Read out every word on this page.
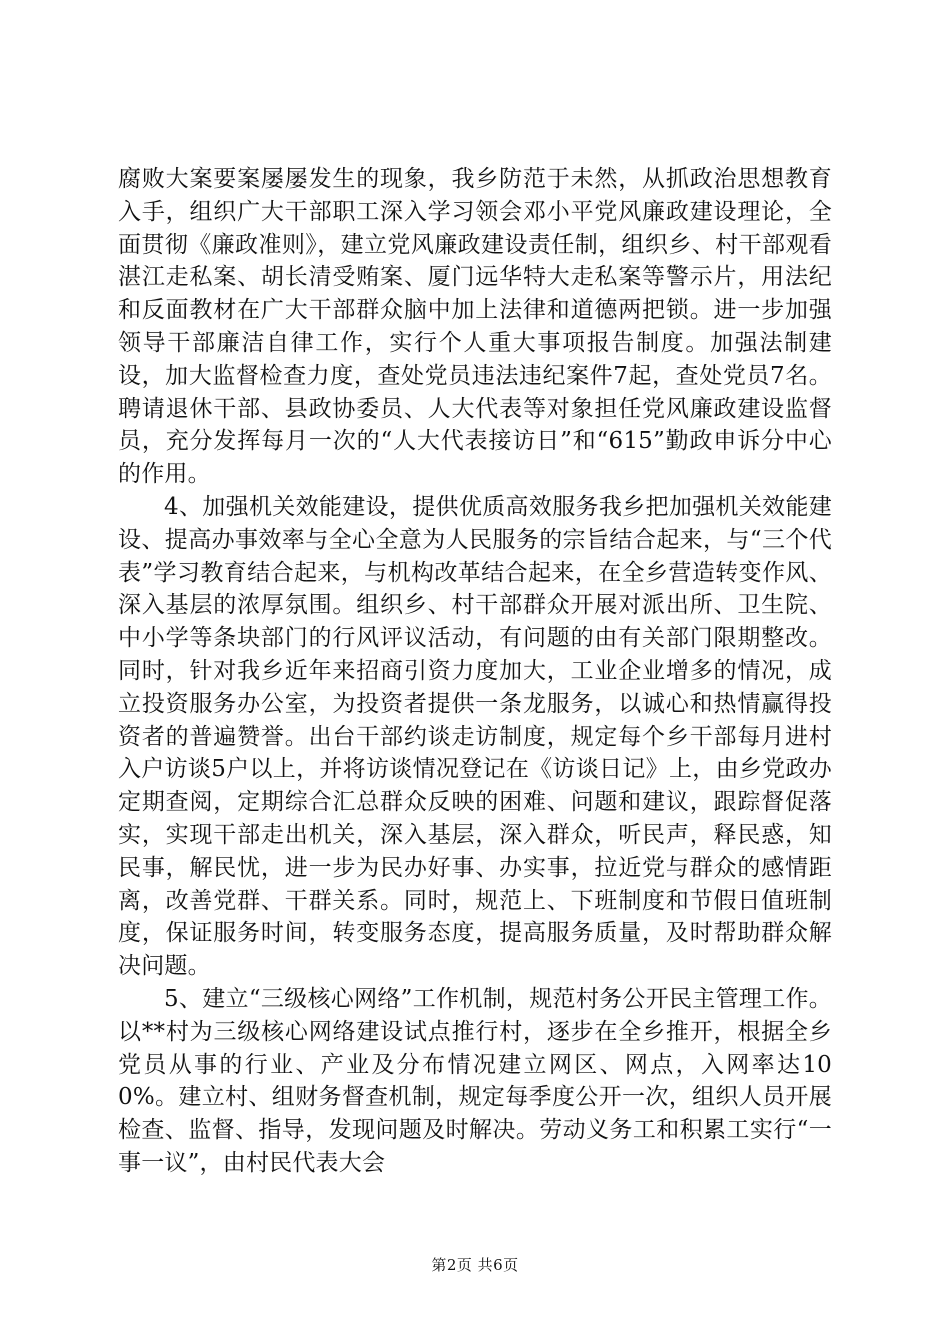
腐败大案要案屡屡发生的现象，我乡防范于未然，从抓政治思想教育入手，组织广大干部职工深入学习领会邓小平党风廉政建设理论，全面贯彻《廉政准则》，建立党风廉政建设责任制，组织乡、村干部观看湛江走私案、胡长清受贿案、厦门远华特大走私案等警示片，用法纪和反面教材在广大干部群众脑中加上法律和道德两把锁。进一步加强领导干部廉洁自律工作，实行个人重大事项报告制度。加强法制建设，加大监督检查力度，查处党员违法违纪案件7起，查处党员7名。聘请退休干部、县政协委员、人大代表等对象担任党风廉政建设监督员，充分发挥每月一次的“人大代表接访日”和“615”勤政申诉分中心的作用。

4、加强机关效能建设，提供优质高效服务我乡把加强机关效能建设、提高办事效率与全心全意为人民服务的宗旨结合起来，与“三个代表”学习教育结合起来，与机构改革结合起来，在全乡营造转变作风、深入基层的浓厚氛围。组织乡、村干部群众开展对派出所、卫生院、中小学等条块部门的行风评议活动，有问题的由有关部门限期整改。同时，针对我乡近年来招商引资力度加大，工业企业增多的情况，成立投资服务办公室，为投资者提供一条龙服务，以诚心和热情赢得投资者的普遍赞誉。出台干部约谈走访制度，规定每个乡干部每月进村入户访谈5户以上，并将访谈情况登记在《访谈日记》上，由乡党政办定期查阅，定期综合汇总群众反映的困难、问题和建议，跟踪督促落实，实现干部走出机关，深入基层，深入群众，听民声，释民惑，知民事，解民忧，进一步为民办好事、办实事，拉近党与群众的感情距离，改善党群、干群关系。同时，规范上、下班制度和节假日值班制度，保证服务时间，转变服务态度，提高服务质量，及时帮助群众解决问题。

5、建立“三级核心网络”工作机制，规范村务公开民主管理工作。以**村为三级核心网络建设试点推行村，逐步在全乡推开，根据全乡党员从事的行业、产业及分布情况建立网区、网点，入网率达100%。建立村、组财务督查机制，规定每季度公开一次，组织人员开展检查、监督、指导，发现问题及时解决。劳动义务工和积累工实行“一事一议”，由村民代表大会

第2页 共6页
